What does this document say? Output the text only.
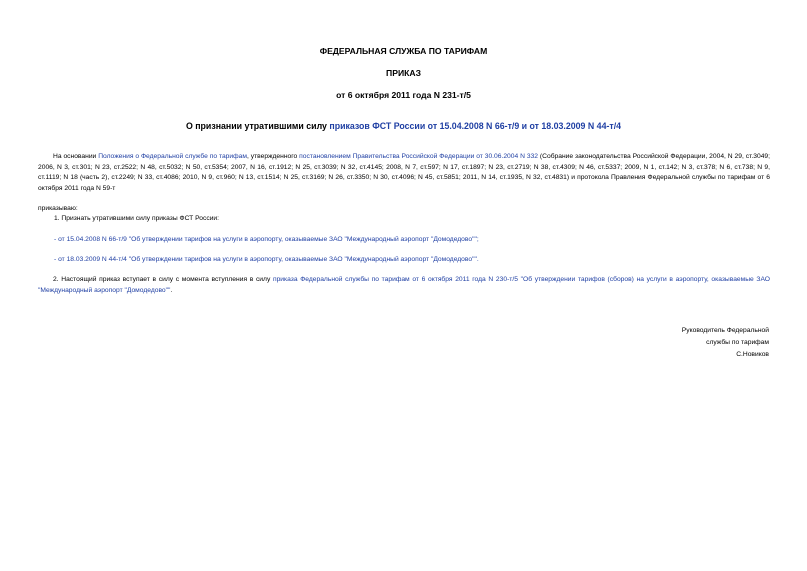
ФЕДЕРАЛЬНАЯ СЛУЖБА ПО ТАРИФАМ
ПРИКАЗ
от 6 октября 2011 года N 231-т/5
О признании утратившими силу приказов ФСТ России от 15.04.2008 N 66-т/9 и от 18.03.2009 N 44-т/4
На основании Положения о Федеральной службе по тарифам, утвержденного постановлением Правительства Российской Федерации от 30.06.2004 N 332 (Собрание законодательства Российской Федерации, 2004, N 29, ст.3049; 2006, N 3, ст.301; N 23, ст.2522; N 48, ст.5032; N 50, ст.5354; 2007, N 16, ст.1912; N 25, ст.3039; N 32, ст.4145; 2008, N 7, ст.597; N 17, ст.1897; N 23, ст.2719; N 38, ст.4309; N 46, ст.5337; 2009, N 1, ст.142; N 3, ст.378; N 6, ст.738; N 9, ст.1119; N 18 (часть 2), ст.2249; N 33, ст.4086; 2010, N 9, ст.960; N 13, ст.1514; N 25, ст.3169; N 26, ст.3350; N 30, ст.4096; N 45, ст.5851; 2011, N 14, ст.1935, N 32, ст.4831) и протокола Правления Федеральной службы по тарифам от 6 октября 2011 года N 59-т
приказываю:
1. Признать утратившими силу приказы ФСТ России:
- от 15.04.2008 N 66-т/9 "Об утверждении тарифов на услуги в аэропорту, оказываемые ЗАО "Международный аэропорт "Домодедово"";
- от 18.03.2009 N 44-т/4 "Об утверждении тарифов на услуги в аэропорту, оказываемые ЗАО "Международный аэропорт "Домодедово"".
2. Настоящий приказ вступает в силу с момента вступления в силу приказа Федеральной службы по тарифам от 6 октября 2011 года N 230-т/5 "Об утверждении тарифов (сборов) на услуги в аэропорту, оказываемые ЗАО "Международный аэропорт "Домодедово"".
Руководитель Федеральной
службы по тарифам
С.Новиков
